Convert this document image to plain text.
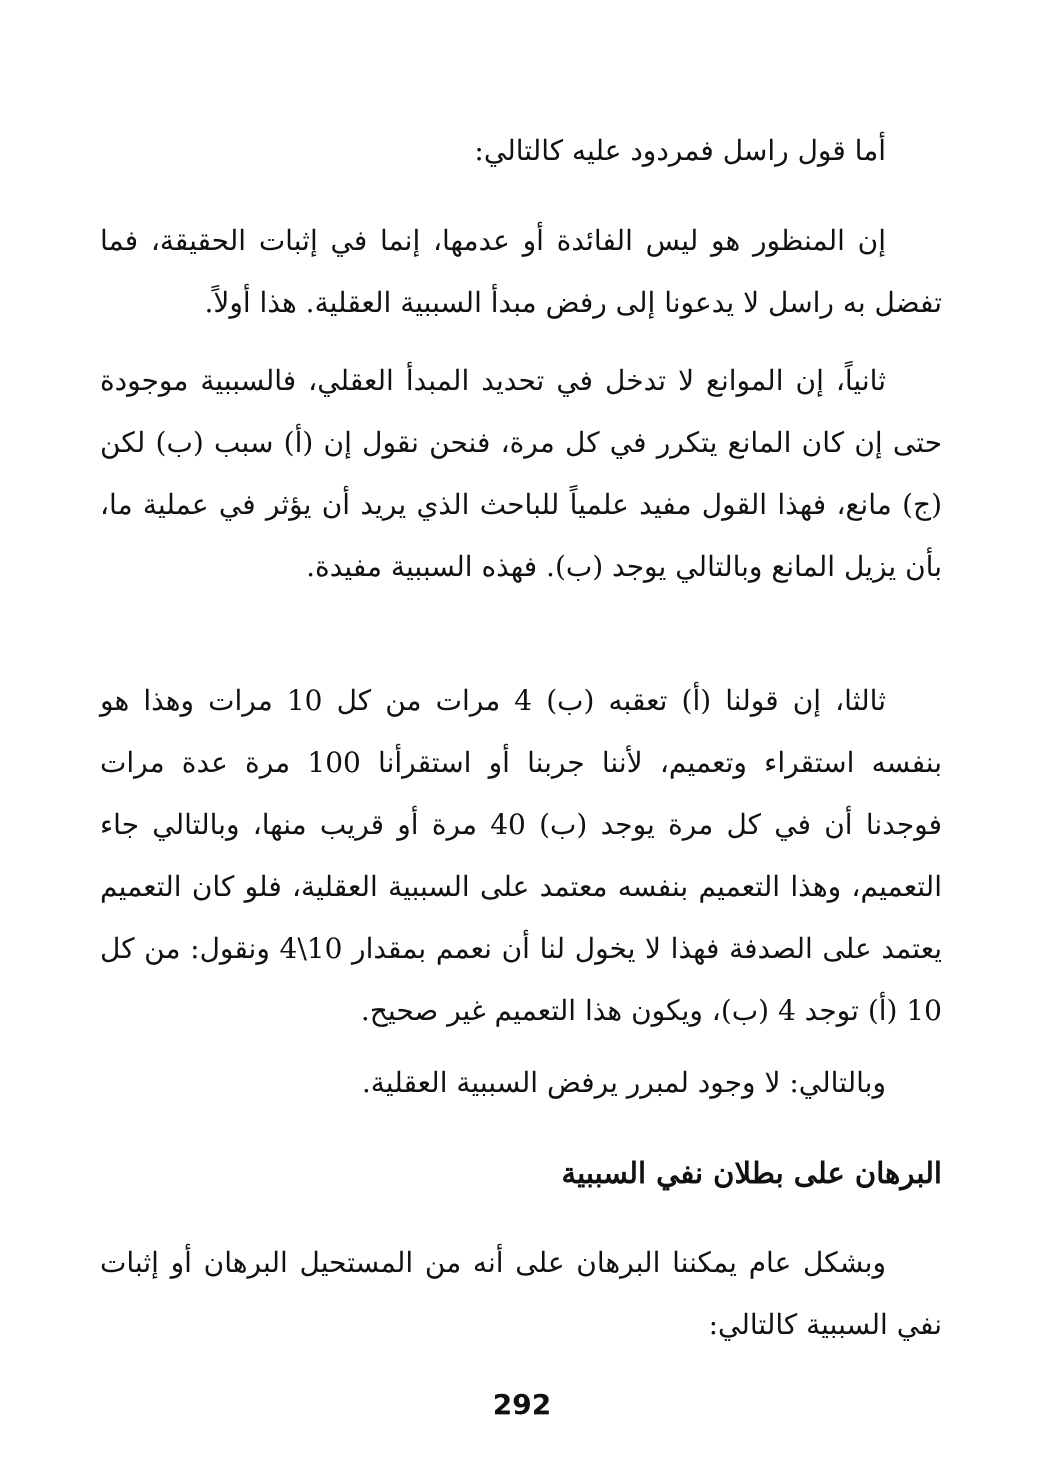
أما قول راسل فمردود عليه كالتالي:
إن المنظور هو ليس الفائدة أو عدمها، إنما في إثبات الحقيقة، فما تفضل به راسل لا يدعونا إلى رفض مبدأ السببية العقلية. هذا أولاً.
ثانياً، إن الموانع لا تدخل في تحديد المبدأ العقلي، فالسببية موجودة حتى إن كان المانع يتكرر في كل مرة، فنحن نقول إن (أ) سبب (ب) لكن (ج) مانع، فهذا القول مفيد علمياً للباحث الذي يريد أن يؤثر في عملية ما، بأن يزيل المانع وبالتالي يوجد (ب). فهذه السببية مفيدة.
ثالثا، إن قولنا (أ) تعقبه (ب) 4 مرات من كل 10 مرات وهذا هو بنفسه استقراء وتعميم، لأننا جربنا أو استقرأنا 100 مرة عدة مرات فوجدنا أن في كل مرة يوجد (ب) 40 مرة أو قريب منها، وبالتالي جاء التعميم، وهذا التعميم بنفسه معتمد على السببية العقلية، فلو كان التعميم يعتمد على الصدفة فهذا لا يخول لنا أن نعمم بمقدار 10\4 ونقول: من كل 10 (أ) توجد 4 (ب)، ويكون هذا التعميم غير صحيح.
وبالتالي: لا وجود لمبرر يرفض السببية العقلية.
البرهان على بطلان نفي السببية
وبشكل عام يمكننا البرهان على أنه من المستحيل البرهان أو إثبات نفي السببية كالتالي:
292
